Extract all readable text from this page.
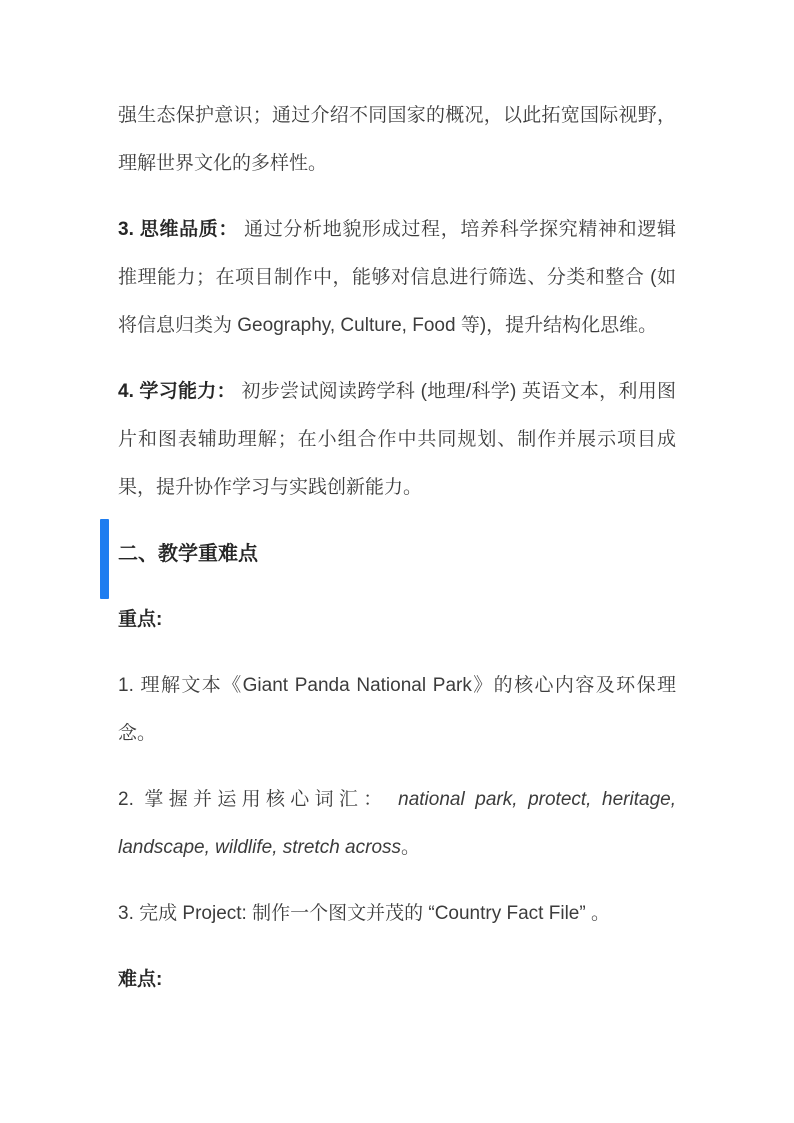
强生态保护意识；通过介绍不同国家的概况，以此拓宽国际视野，理解世界文化的多样性。

3. 思维品质： 通过分析地貌形成过程，培养科学探究精神和逻辑推理能力；在项目制作中，能够对信息进行筛选、分类和整合 (如将信息归类为 Geography, Culture, Food 等)，提升结构化思维。

4. 学习能力： 初步尝试阅读跨学科 (地理/科学) 英语文本，利用图片和图表辅助理解；在小组合作中共同规划、制作并展示项目成果，提升协作学习与实践创新能力。

二、教学重难点

重点:

1. 理解文本《Giant Panda National Park》的核心内容及环保理念。

2. 掌握并运用核心词汇： national park, protect, heritage, landscape, wildlife, stretch across。

3. 完成 Project: 制作一个图文并茂的 “Country Fact File” 。

难点:
